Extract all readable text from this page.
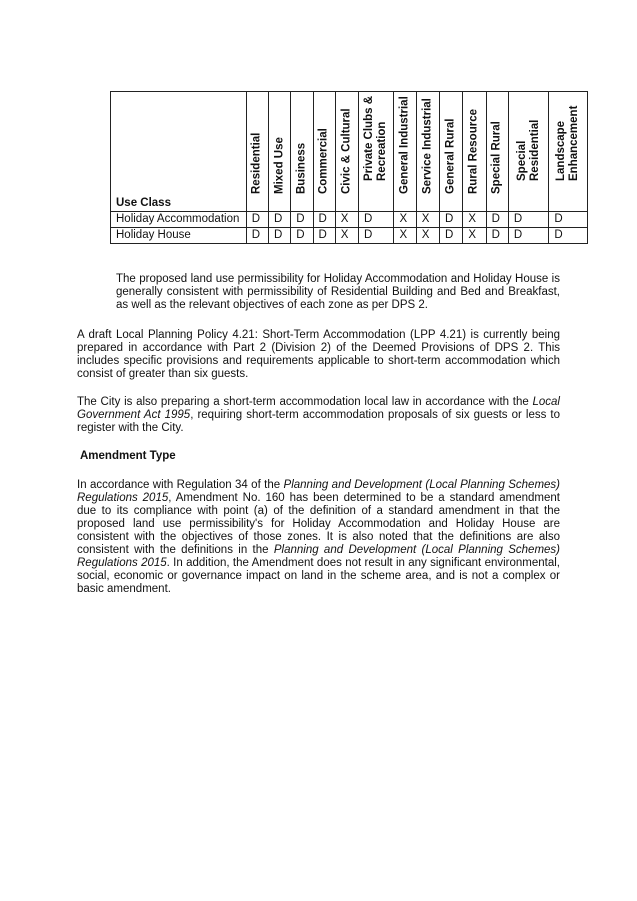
Use Class	Residential	Mixed Use	Business	Commercial	Civic & Cultural	Private Clubs & Recreation	General Industrial	Service Industrial	General Rural	Rural Resource	Special Rural	Special Residential	Landscape Enhancement

Holiday Accommodation	D	D	D	D	X	D	X	X	D	X	D	D	D
Holiday House	D	D	D	D	X	D	X	X	D	X	D	D	D

The proposed land use permissibility for Holiday Accommodation and Holiday House is generally consistent with permissibility of Residential Building and Bed and Breakfast, as well as the relevant objectives of each zone as per DPS 2.

A draft Local Planning Policy 4.21: Short-Term Accommodation (LPP 4.21) is currently being prepared in accordance with Part 2 (Division 2) of the Deemed Provisions of DPS 2. This includes specific provisions and requirements applicable to short-term accommodation which consist of greater than six guests.

The City is also preparing a short-term accommodation local law in accordance with the Local Government Act 1995, requiring short-term accommodation proposals of six guests or less to register with the City.

Amendment Type

In accordance with Regulation 34 of the Planning and Development (Local Planning Schemes) Regulations 2015, Amendment No. 160 has been determined to be a standard amendment due to its compliance with point (a) of the definition of a standard amendment in that the proposed land use permissibility's for Holiday Accommodation and Holiday House are consistent with the objectives of those zones. It is also noted that the definitions are also consistent with the definitions in the Planning and Development (Local Planning Schemes) Regulations 2015. In addition, the Amendment does not result in any significant environmental, social, economic or governance impact on land in the scheme area, and is not a complex or basic amendment.
